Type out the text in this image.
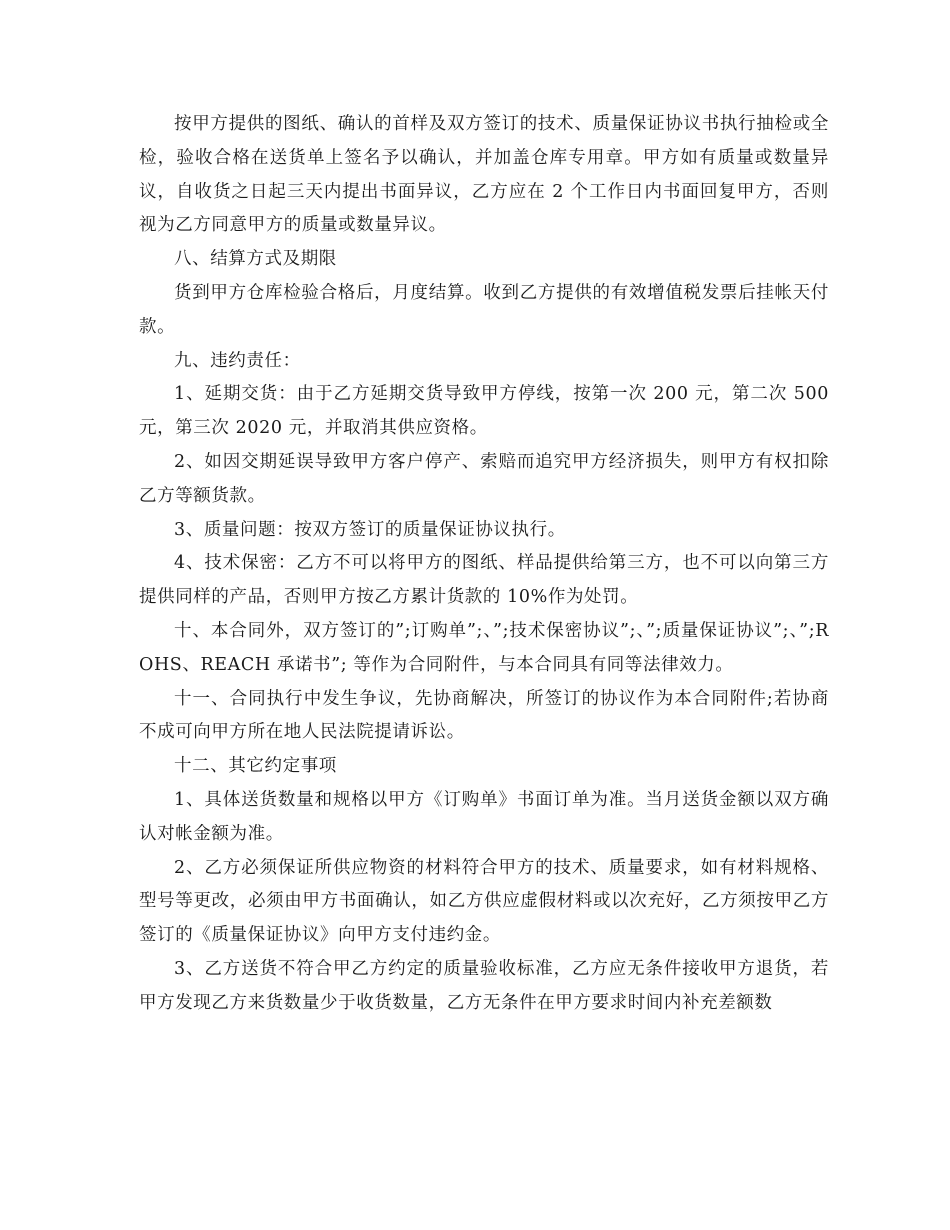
按甲方提供的图纸、确认的首样及双方签订的技术、质量保证协议书执行抽检或全检，验收合格在送货单上签名予以确认，并加盖仓库专用章。甲方如有质量或数量异议，自收货之日起三天内提出书面异议，乙方应在 2 个工作日内书面回复甲方，否则视为乙方同意甲方的质量或数量异议。

八、结算方式及期限

货到甲方仓库检验合格后，月度结算。收到乙方提供的有效增值税发票后挂帐天付款。

九、违约责任：

1、延期交货：由于乙方延期交货导致甲方停线，按第一次 200 元，第二次 500 元，第三次 2020 元，并取消其供应资格。

2、如因交期延误导致甲方客户停产、索赔而追究甲方经济损失，则甲方有权扣除乙方等额货款。

3、质量问题：按双方签订的质量保证协议执行。

4、技术保密：乙方不可以将甲方的图纸、样品提供给第三方，也不可以向第三方提供同样的产品，否则甲方按乙方累计货款的 10%作为处罚。

十、本合同外，双方签订的”;订购单”;、”;技术保密协议”;、”;质量保证协议”;、”;ROHS、REACH 承诺书”; 等作为合同附件，与本合同具有同等法律效力。

十一、合同执行中发生争议，先协商解决，所签订的协议作为本合同附件;若协商不成可向甲方所在地人民法院提请诉讼。

十二、其它约定事项

1、具体送货数量和规格以甲方《订购单》书面订单为准。当月送货金额以双方确认对帐金额为准。

2、乙方必须保证所供应物资的材料符合甲方的技术、质量要求，如有材料规格、型号等更改，必须由甲方书面确认，如乙方供应虚假材料或以次充好，乙方须按甲乙方签订的《质量保证协议》向甲方支付违约金。

3、乙方送货不符合甲乙方约定的质量验收标准，乙方应无条件接收甲方退货，若甲方发现乙方来货数量少于收货数量，乙方无条件在甲方要求时间内补充差额数
